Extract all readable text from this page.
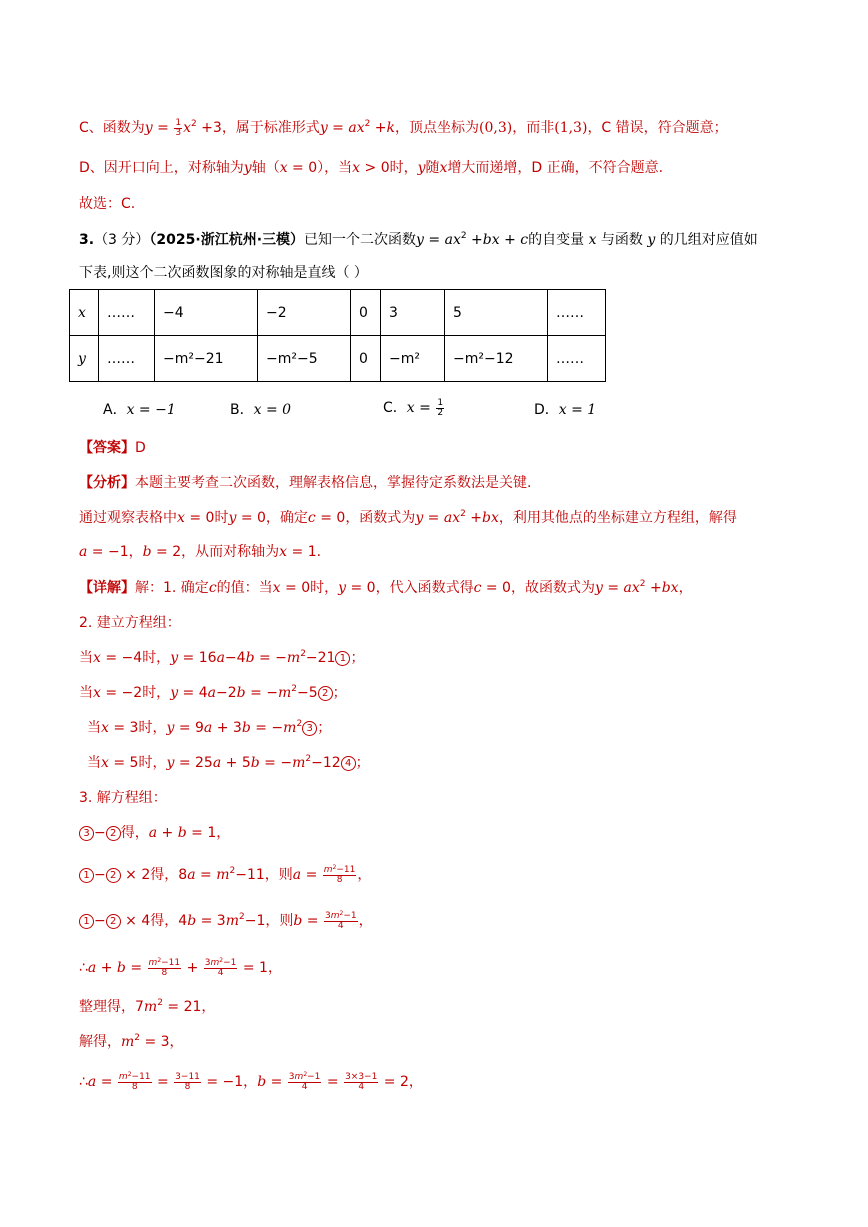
C、函数为$y = \frac{1}{3} x^2 +3$，属于标准形式$y = ax^2 +k$，顶点坐标为(0,3)，而非(1,3)，C 错误，符合题意；
D、因开口向上，对称轴为y轴（x = 0），当x > 0时，y随x增大而递增，D 正确，不符合题意.
故选：C.
3.（3 分）（2025·浙江杭州·三模）已知一个二次函数$y = ax^2 +bx + c$的自变量 x 与函数 y 的几组对应值如
下表,则这个二次函数图象的对称轴是直线（ ）
x	……	−4	−2	0	3	5	……
y	……	−m²−21	−m²−5	0	−m²	−m²−12	……
A．x = −1	B．x = 0	C．$x = \frac{1}{2}$	D．x = 1
【答案】D
【分析】本题主要考查二次函数，理解表格信息，掌握待定系数法是关键.
通过观察表格中x = 0时y = 0，确定c = 0，函数式为$y = ax^2 +bx$，利用其他点的坐标建立方程组，解得
a = −1，b = 2，从而对称轴为x = 1.
【详解】解：1. 确定c的值：当x = 0时，y = 0，代入函数式得c = 0，故函数式为$y = ax^2 +bx$，
2. 建立方程组：
当x = −4时，$y = 16a-4b = -m^2-21$ 1 ；
当x = −2时，$y = 4a-2b = -m^2-5$ 2 ；
当x = 3时，$y = 9a + 3b = -m^2$ 3 ；
当x = 5时，$y = 25a + 5b = -m^2-12$ 4 ；
3. 解方程组：
3 − 2 得，a + b = 1，
1 − 2 × 2得，$8a = m^2-11$，则$a = \frac{m^2-11}{8}$ ，
1 − 2 × 4得，$4b = 3m^2-1$，则$b = \frac{3m^2-1}{4}$ ，
∴a + $b = \frac{m^2-11}{8} + \frac{3m^2-1}{4} = 1$，
整理得，$7m^2 = 21$，
解得，$m^2 = 3$，
∴a = $\frac{m^2-11}{8} = \frac{3-11}{8} = -1$，$b = \frac{3m^2-1}{4} = \frac{3\times 3-1}{4} = 2$，
